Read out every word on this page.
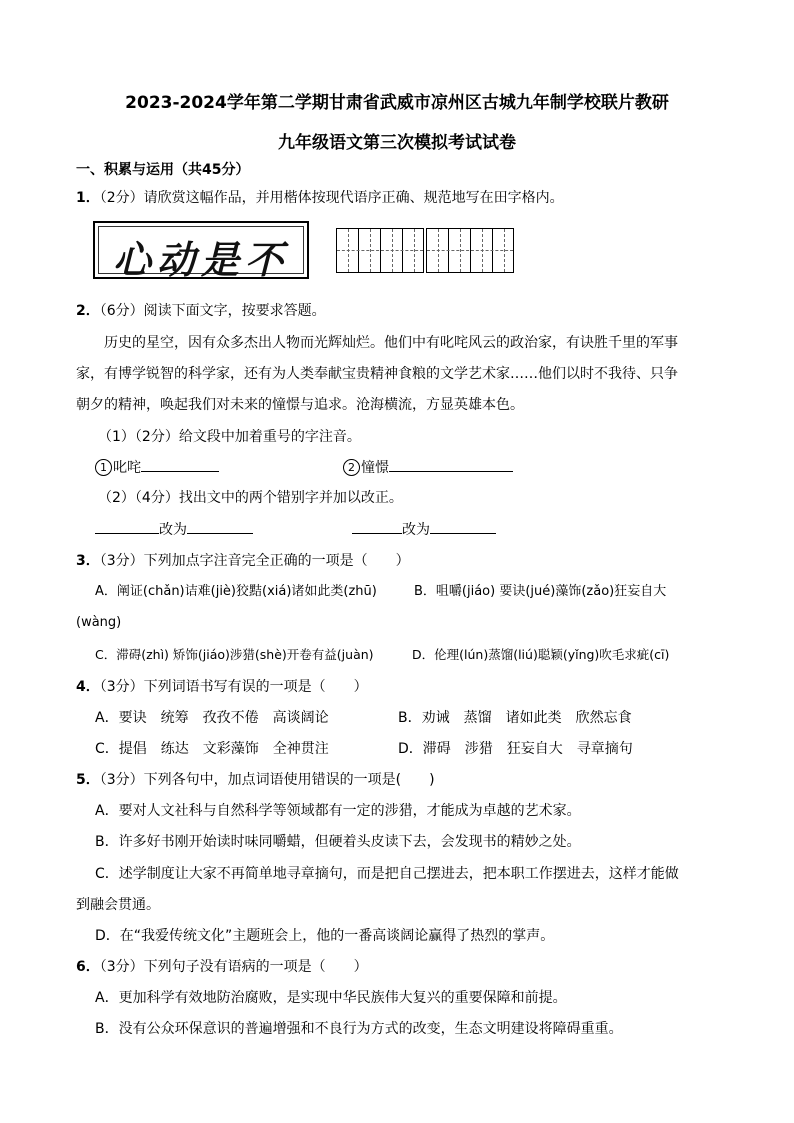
2023-2024学年第二学期甘肃省武威市凉州区古城九年制学校联片教研
九年级语文第三次模拟考试试卷
一、积累与运用（共45分）
1．（2分）请欣赏这幅作品，并用楷体按现代语序正确、规范地写在田字格内。
心动是不
2．（6分）阅读下面文字，按要求答题。
历史的星空，因有众多杰出人物而光辉灿烂。他们中有叱咤风云的政治家，有诀胜千里的军事
家，有博学锐智的科学家，还有为人类奉献宝贵精神食粮的文学艺术家……他们以时不我待、只争
朝夕的精神，唤起我们对未来的憧憬与追求。沧海横流，方显英雄本色。
（1）（2分）给文段中加着重号的字注音。
1 叱咤	2 憧憬
（2）（4分）找出文中的两个错别字并加以改正。
改为	改为
3．（3分）下列加点字注音完全正确的一项是（　　）
A．阐证(chǎn)诘难(jiè)狡黠(xiá)诸如此类(zhū)	B．咀嚼(jiáo) 要诀(jué)藻饰(zǎo)狂妄自大
(wàng)
C．滞碍(zhì) 矫饰(jiáo)涉猎(shè)开卷有益(juàn)	D．伦理(lún)蒸馏(liú)聪颖(yǐng)吹毛求疵(cī)
4．（3分）下列词语书写有误的一项是（　　）
A．要诀　统筹　孜孜不倦　高谈阔论	B．劝诫　蒸馏　诸如此类　欣然忘食
C．提倡　练达　文彩藻饰　全神贯注	D．滞碍　涉猎　狂妄自大　寻章摘句
5．（3分）下列各句中，加点词语使用错误的一项是(　　)
A．要对人文社科与自然科学等领域都有一定的涉猎，才能成为卓越的艺术家。
B．许多好书刚开始读时味同嚼蜡，但硬着头皮读下去，会发现书的精妙之处。
C．述学制度让大家不再简单地寻章摘句，而是把自己摆进去，把本职工作摆进去，这样才能做
到融会贯通。
D．在“我爱传统文化”主题班会上，他的一番高谈阔论赢得了热烈的掌声。
6．（3分）下列句子没有语病的一项是（　　）
A．更加科学有效地防治腐败，是实现中华民族伟大复兴的重要保障和前提。
B．没有公众环保意识的普遍增强和不良行为方式的改变，生态文明建设将障碍重重。
